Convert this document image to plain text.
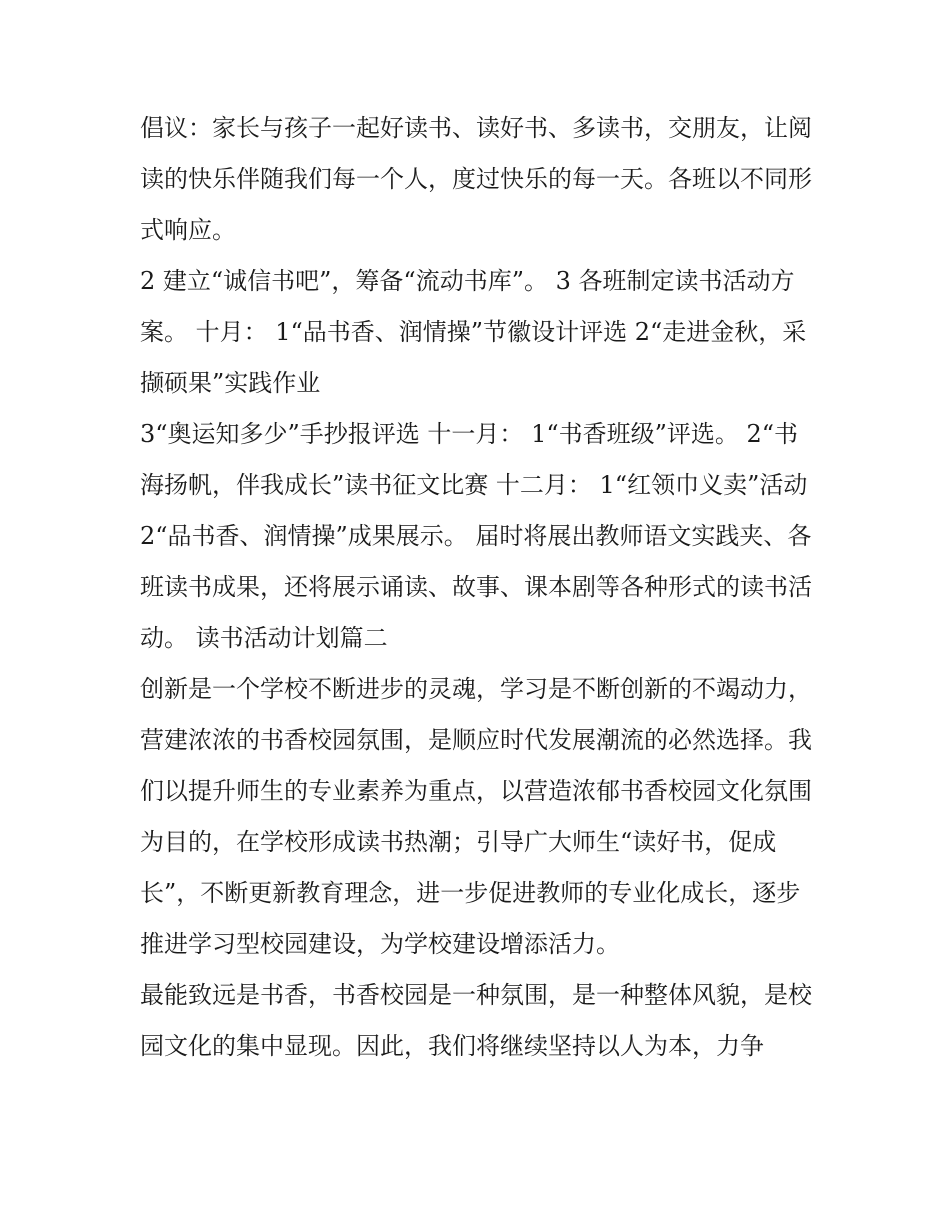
倡议：家长与孩子一起好读书、读好书、多读书，交朋友，让阅读的快乐伴随我们每一个人，度过快乐的每一天。各班以不同形式响应。

2 建立“诚信书吧”，筹备“流动书库”。 3 各班制定读书活动方案。 十月： 1“品书香、润情操”节徽设计评选 2“走进金秋，采撷硕果”实践作业

3“奥运知多少”手抄报评选 十一月： 1“书香班级”评选。 2“书海扬帆，伴我成长”读书征文比赛 十二月： 1“红领巾义卖”活动

2“品书香、润情操”成果展示。 届时将展出教师语文实践夹、各班读书成果，还将展示诵读、故事、课本剧等各种形式的读书活动。 读书活动计划篇二

创新是一个学校不断进步的灵魂，学习是不断创新的不竭动力，营建浓浓的书香校园氛围，是顺应时代发展潮流的必然选择。我们以提升师生的专业素养为重点，以营造浓郁书香校园文化氛围为目的，在学校形成读书热潮；引导广大师生“读好书，促成长”，不断更新教育理念，进一步促进教师的专业化成长，逐步推进学习型校园建设，为学校建设增添活力。

最能致远是书香，书香校园是一种氛围，是一种整体风貌，是校园文化的集中显现。因此，我们将继续坚持以人为本，力争
